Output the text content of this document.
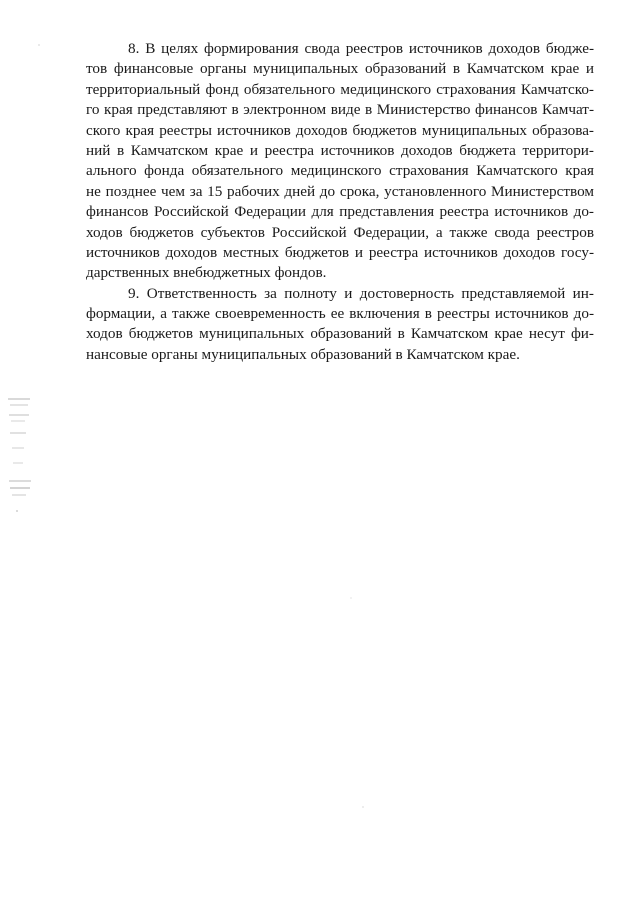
8. В целях формирования свода реестров источников доходов бюдже-
тов финансовые органы муниципальных образований в Камчатском крае и
территориальный фонд обязательного медицинского страхования Камчатско-
го края представляют в электронном виде в Министерство финансов Камчат-
ского края реестры источников доходов бюджетов муниципальных образова-
ний в Камчатском крае и реестра источников доходов бюджета территори-
ального фонда обязательного медицинского страхования Камчатского края
не позднее чем за 15 рабочих дней до срока, установленного Министерством
финансов Российской Федерации для представления реестра источников до-
ходов бюджетов субъектов Российской Федерации, а также свода реестров
источников доходов местных бюджетов и реестра источников доходов госу-
дарственных внебюджетных фондов.
9. Ответственность за полноту и достоверность представляемой ин-
формации, а также своевременность ее включения в реестры источников до-
ходов бюджетов муниципальных образований в Камчатском крае несут фи-
нансовые органы муниципальных образований в Камчатском крае.
